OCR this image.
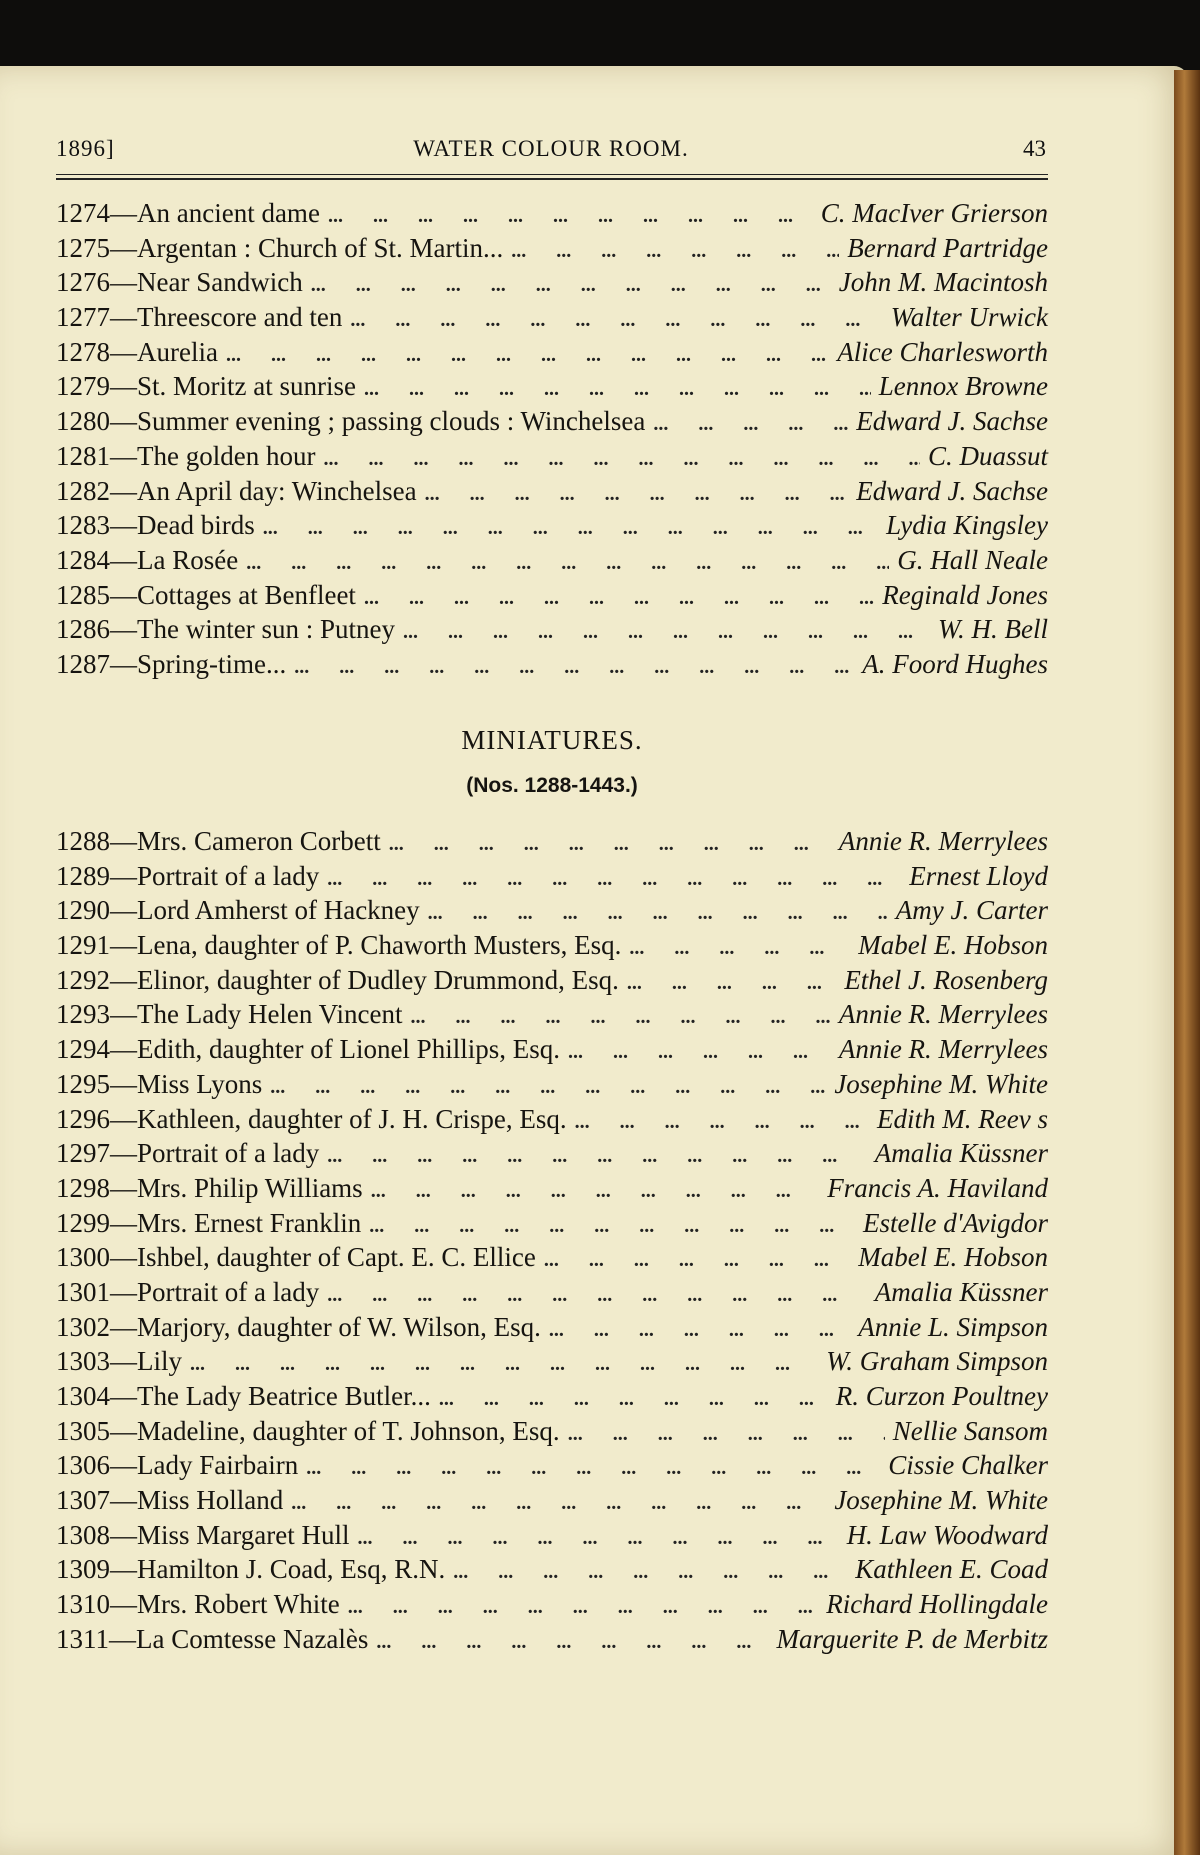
1896]	WATER COLOUR ROOM.	43
1274 — An ancient dame ...	C. MacIver Grierson
1275 — Argentan : Church of St. Martin... ...	Bernard Partridge
1276 — Near Sandwich ...	John M. Macintosh
1277 — Threescore and ten ...	Walter Urwick
1278 — Aurelia ...	Alice Charlesworth
1279 — St. Moritz at sunrise ...	Lennox Browne
1280 — Summer evening ; passing clouds : Winchelsea ...	Edward J. Sachse
1281 — The golden hour ...	C. Duassut
1282 — An April day: Winchelsea ...	Edward J. Sachse
1283 — Dead birds ...	Lydia Kingsley
1284 — La Rosée ...	G. Hall Neale
1285 — Cottages at Benfleet ...	Reginald Jones
1286 — The winter sun : Putney ...	W. H. Bell
1287 — Spring-time... ...	A. Foord Hughes
MINIATURES.
(Nos. 1288-1443.)
1288 — Mrs. Cameron Corbett ...	Annie R. Merrylees
1289 — Portrait of a lady ...	Ernest Lloyd
1290 — Lord Amherst of Hackney ...	Amy J. Carter
1291 — Lena, daughter of P. Chaworth Musters, Esq. ...	Mabel E. Hobson
1292 — Elinor, daughter of Dudley Drummond, Esq. ...	Ethel J. Rosenberg
1293 — The Lady Helen Vincent ...	Annie R. Merrylees
1294 — Edith, daughter of Lionel Phillips, Esq. ...	Annie R. Merrylees
1295 — Miss Lyons ...	Josephine M. White
1296 — Kathleen, daughter of J. H. Crispe, Esq. ...	Edith M. Reev s
1297 — Portrait of a lady ...	Amalia Küssner
1298 — Mrs. Philip Williams ...	Francis A. Haviland
1299 — Mrs. Ernest Franklin ...	Estelle d'Avigdor
1300 — Ishbel, daughter of Capt. E. C. Ellice ...	Mabel E. Hobson
1301 — Portrait of a lady ...	Amalia Küssner
1302 — Marjory, daughter of W. Wilson, Esq. ...	Annie L. Simpson
1303 — Lily ...	W. Graham Simpson
1304 — The Lady Beatrice Butler... ...	R. Curzon Poultney
1305 — Madeline, daughter of T. Johnson, Esq. ...	Nellie Sansom
1306 — Lady Fairbairn ...	Cissie Chalker
1307 — Miss Holland ...	Josephine M. White
1308 — Miss Margaret Hull ...	H. Law Woodward
1309 — Hamilton J. Coad, Esq, R.N. ...	Kathleen E. Coad
1310 — Mrs. Robert White ...	Richard Hollingdale
1311 — La Comtesse Nazalès ...	Marguerite P. de Merbitz
